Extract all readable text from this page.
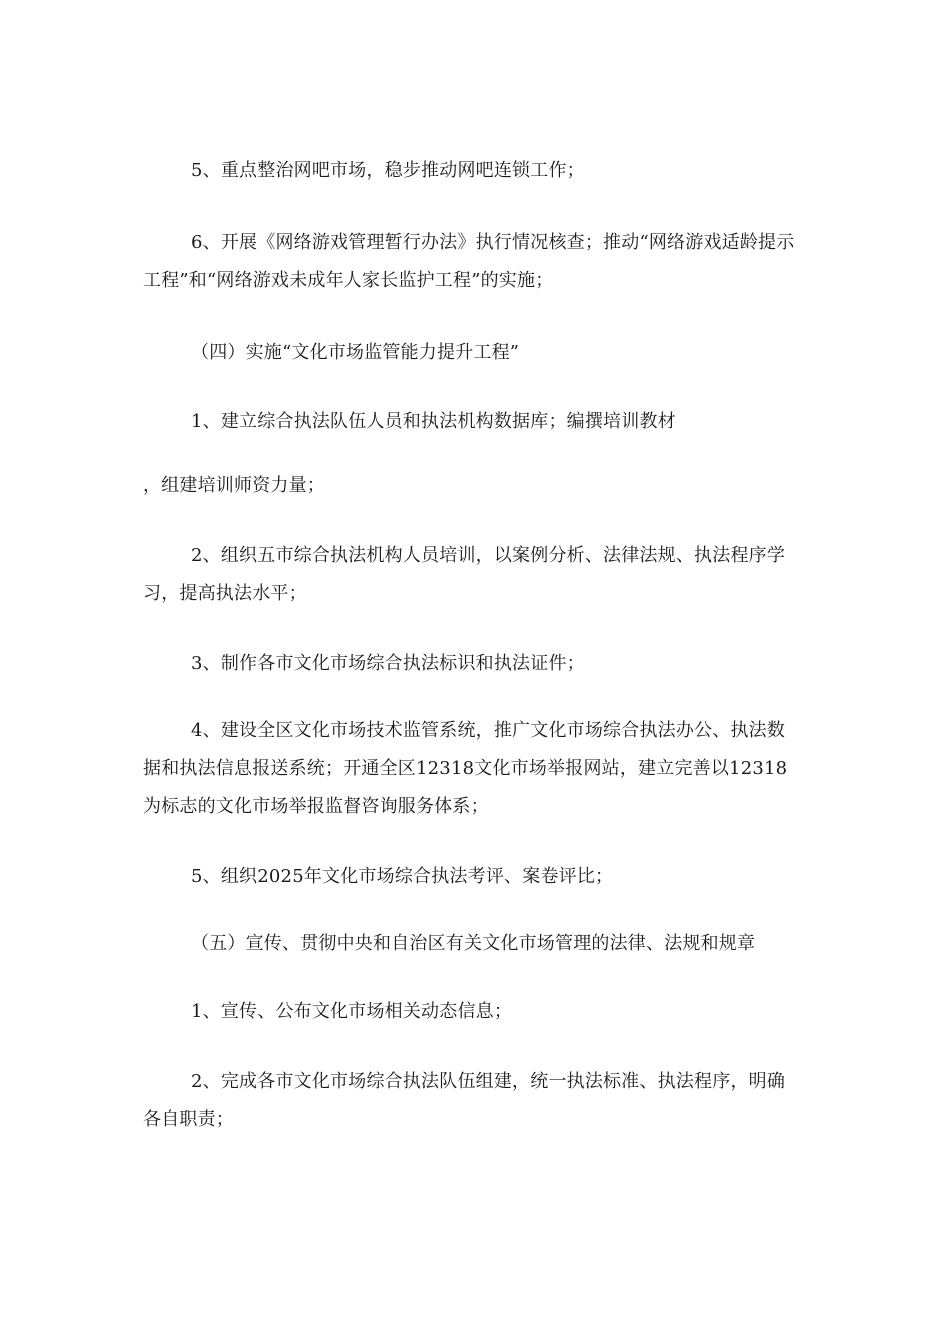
5、重点整治网吧市场，稳步推动网吧连锁工作；

6、开展《网络游戏管理暂行办法》执行情况核查；推动“网络游戏适龄提示工程”和“网络游戏未成年人家长监护工程”的实施；

（四）实施“文化市场监管能力提升工程”

1、建立综合执法队伍人员和执法机构数据库；编撰培训教材

，组建培训师资力量；

2、组织五市综合执法机构人员培训，以案例分析、法律法规、执法程序学习，提高执法水平；

3、制作各市文化市场综合执法标识和执法证件；

4、建设全区文化市场技术监管系统，推广文化市场综合执法办公、执法数据和执法信息报送系统；开通全区12318文化市场举报网站，建立完善以12318为标志的文化市场举报监督咨询服务体系；

5、组织2025年文化市场综合执法考评、案卷评比；

（五）宣传、贯彻中央和自治区有关文化市场管理的法律、法规和规章

1、宣传、公布文化市场相关动态信息；

2、完成各市文化市场综合执法队伍组建，统一执法标准、执法程序，明确各自职责；
